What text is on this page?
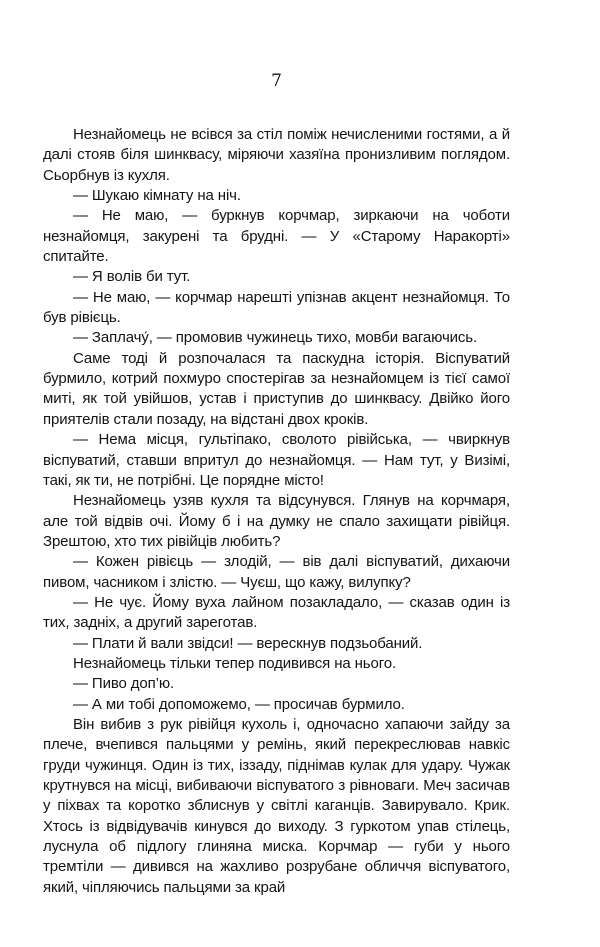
7

Незнайомець не всівся за стіл поміж нечисленими гостями, а й далі стояв біля шинквасу, міряючи хазяїна пронизливим поглядом. Сьорбнув із кухля.

— Шукаю кімнату на ніч.

— Не маю, — буркнув корчмар, зиркаючи на чоботи незнайомця, закурені та брудні. — У «Старому Наракорті» спитайте.

— Я волів би тут.

— Не маю, — корчмар нарешті упізнав акцент незнайомця. То був рівієць.

— Заплачу́, — промовив чужинець тихо, мовби вагаючись.

Саме тоді й розпочалася та паскудна історія. Віспуватий бурмило, котрий похмуро спостерігав за незнайомцем із тієї самої миті, як той увійшов, устав і приступив до шинквасу. Двійко його приятелів стали позаду, на відстані двох кроків.

— Нема місця, гультіпако, сволото рівійська, — чвиркнув віспуватий, ставши впритул до незнайомця. — Нам тут, у Визімі, такі, як ти, не потрібні. Це порядне місто!

Незнайомець узяв кухля та відсунувся. Глянув на корчмаря, але той відвів очі. Йому б і на думку не спало захищати рівійця. Зрештою, хто тих рівійців любить?

— Кожен рівієць — злодій, — вів далі віспуватий, дихаючи пивом, часником і злістю. — Чуєш, що кажу, вилупку?

— Не чує. Йому вуха лайном позакладало, — сказав один із тих, задніх, а другий зареготав.

— Плати й вали звідси! — верескнув подзьобаний.

Незнайомець тільки тепер подивився на нього.

— Пиво доп’ю.

— А ми тобі допоможемо, — просичав бурмило.

Він вибив з рук рівійця кухоль і, одночасно хапаючи зайду за плече, вчепився пальцями у ремінь, який перекреслював навкіс груди чужинця. Один із тих, іззаду, піднімав кулак для удару. Чужак крутнувся на місці, вибиваючи віспуватого з рівноваги. Меч засичав у піхвах та коротко зблиснув у світлі каганців. Завирувало. Крик. Хтось із відвідувачів кинувся до виходу. З гуркотом упав стілець, луснула об підлогу глиняна миска. Корчмар — губи у нього тремтіли — дивився на жахливо розрубане обличчя віспуватого, який, чіпляючись пальцями за край
